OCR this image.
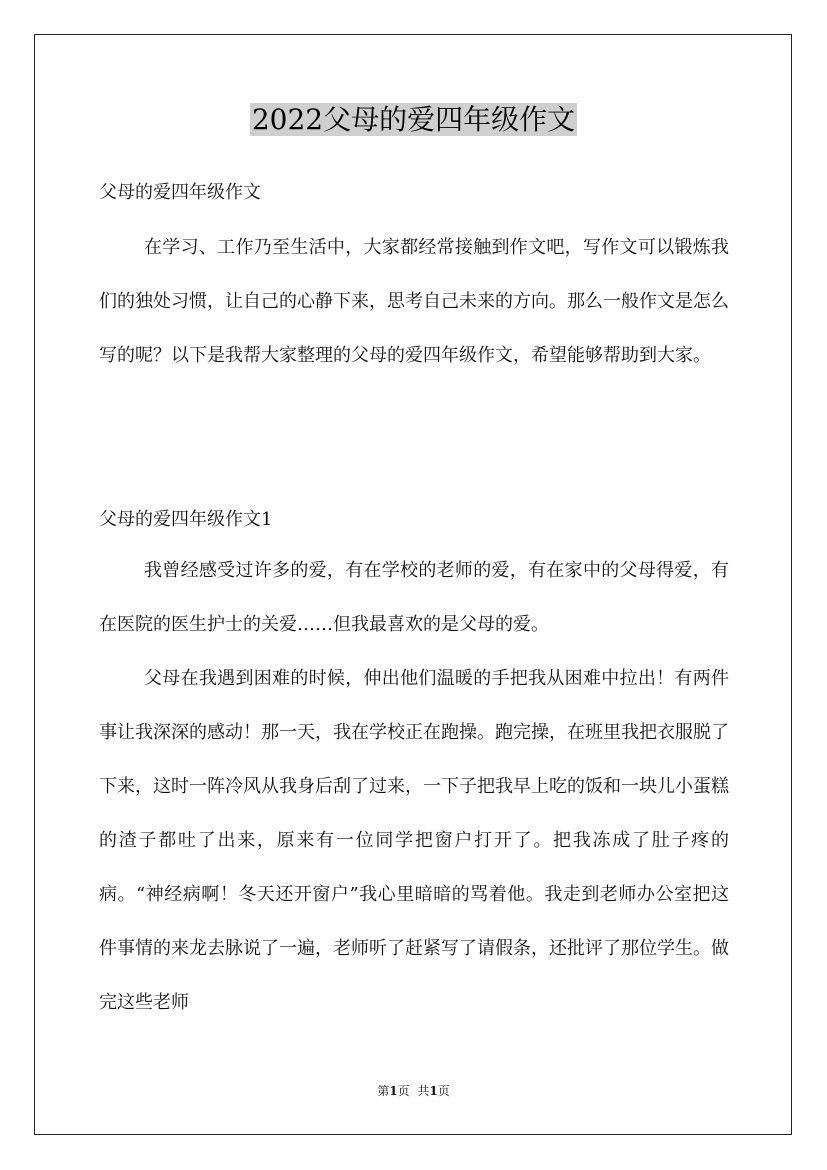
2022父母的爱四年级作文
父母的爱四年级作文

在学习、工作乃至生活中，大家都经常接触到作文吧，写作文可以锻炼我们的独处习惯，让自己的心静下来，思考自己未来的方向。那么一般作文是怎么写的呢？以下是我帮大家整理的父母的爱四年级作文，希望能够帮助到大家。

父母的爱四年级作文1

我曾经感受过许多的爱，有在学校的老师的爱，有在家中的父母得爱，有在医院的医生护士的关爱……但我最喜欢的是父母的爱。

父母在我遇到困难的时候，伸出他们温暖的手把我从困难中拉出！有两件事让我深深的感动！那一天，我在学校正在跑操。跑完操，在班里我把衣服脱了下来，这时一阵冷风从我身后刮了过来，一下子把我早上吃的饭和一块儿小蛋糕的渣子都吐了出来，原来有一位同学把窗户打开了。把我冻成了肚子疼的病。“神经病啊！冬天还开窗户”我心里暗暗的骂着他。我走到老师办公室把这件事情的来龙去脉说了一遍，老师听了赶紧写了请假条，还批评了那位学生。做完这些老师

第1页 共1页
